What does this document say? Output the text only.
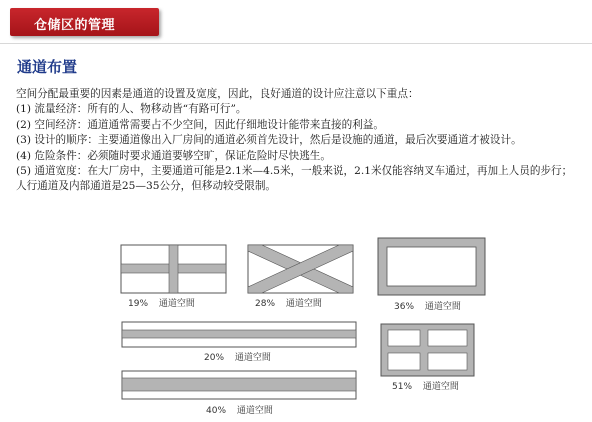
仓储区的管理
通道布置

空间分配最重要的因素是通道的设置及宽度，因此，良好通道的设计应注意以下重点：

(1) 流量经济：所有的人、物移动皆“有路可行”。

(2) 空间经济：通道通常需要占不少空间，因此仔细地设计能带来直接的利益。

(3) 设计的顺序：主要通道像出入厂房间的通道必须首先设计，然后是设施的通道，最后次要通道才被设计。

(4) 危险条件：必须随时要求通道要够空旷，保证危险时尽快逃生。

(5) 通道宽度：在大厂房中，主要通道可能是2.1米—4.5米，一般来说，2.1米仅能容纳叉车通过，再加上人员的步行；人行通道及内部通道是25—35公分，但移动较受限制。

19% 通道空間	28% 通道空間	36% 通道空間
20% 通道空間
51% 通道空間
40% 通道空間
